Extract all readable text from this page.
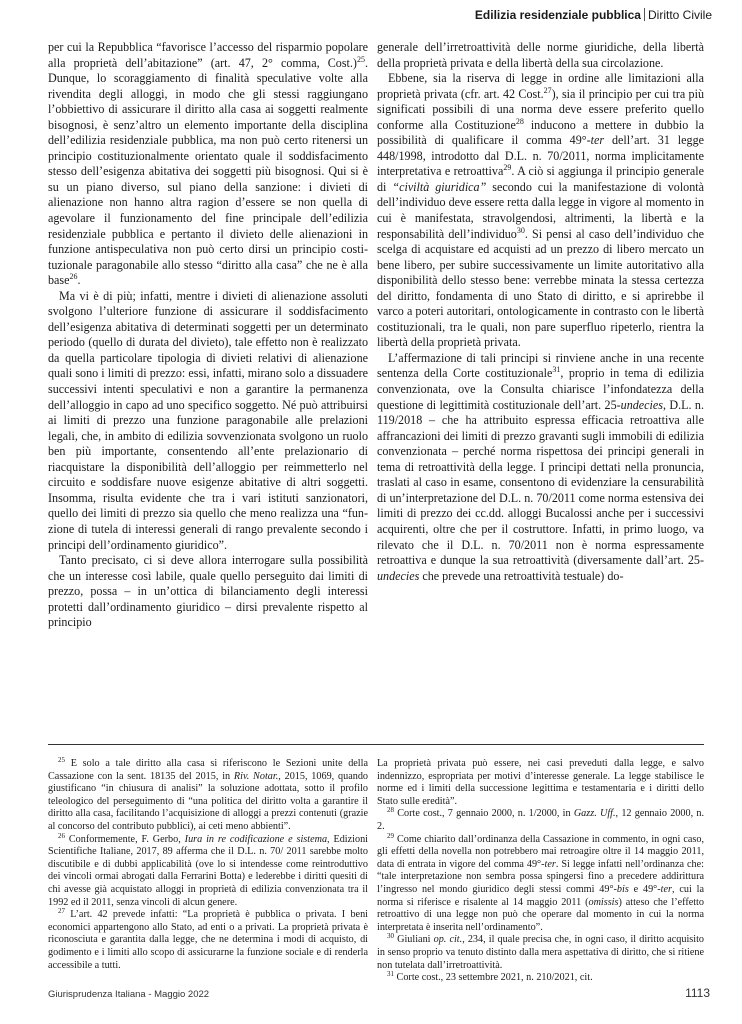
Edilizia residenziale pubblica Diritto Civile

per cui la Repubblica “favorisce l’accesso del risparmio popolare alla proprietà dell’abitazione” (art. 47, 2° comma, Cost.)$^{25}$. Dunque, lo scoraggiamento di finalità speculative volte alla rivendita degli alloggi, in modo che gli stessi raggiungano l’obbiettivo di assicurare il diritto alla casa ai soggetti realmente bisognosi, è senz’altro un elemento importante della disciplina dell’edilizia residenziale pubblica, ma non può certo ritenersi un principio costituzionalmente orientato quale il soddisfacimento stesso dell’esigenza abitativa dei soggetti più bisognosi. Qui si è su un piano diverso, sul piano della sanzione: i divieti di alienazione non hanno altra ragion d’essere se non quella di agevolare il funzionamento del fine principale dell’edilizia residenziale pubblica e pertanto il divieto delle alienazioni in funzione antispeculativa non può certo dirsi un principio costituzionale paragonabile allo stesso “diritto alla casa” che ne è alla base$^{26}$.

Ma vi è di più; infatti, mentre i divieti di alienazione assoluti svolgono l’ulteriore funzione di assicurare il soddisfacimento dell’esigenza abitativa di determinati soggetti per un determinato periodo (quello di durata del divieto), tale effetto non è realizzato da quella particolare tipologia di divieti relativi di alienazione quali sono i limiti di prezzo: essi, infatti, mirano solo a dissuadere successivi intenti speculativi e non a garantire la permanenza dell’alloggio in capo ad uno specifico soggetto. Né può attribuirsi ai limiti di prezzo una funzione paragonabile alle prelazioni legali, che, in ambito di edilizia sovvenzionata svolgono un ruolo ben più importante, consentendo all’ente prelazionario di riacquistare la disponibilità dell’alloggio per reimmetterlo nel circuito e soddisfare nuove esigenze abitative di altri soggetti. Insomma, risulta evidente che tra i vari istituti sanzionatori, quello dei limiti di prezzo sia quello che meno realizza una “funzione di tutela di interessi generali di rango prevalente secondo i principi dell’ordinamento giuridico”.

Tanto precisato, ci si deve allora interrogare sulla possibilità che un interesse così labile, quale quello perseguito dai limiti di prezzo, possa – in un’ottica di bilanciamento degli interessi protetti dall’ordinamento giuridico – dirsi prevalente rispetto al principio

generale dell’irretroattività delle norme giuridiche, della libertà della proprietà privata e della libertà della sua circolazione.

Ebbene, sia la riserva di legge in ordine alle limitazioni alla proprietà privata (cfr. art. 42 Cost.$^{27}$), sia il principio per cui tra più significati possibili di una norma deve essere preferito quello conforme alla Costituzione$^{28}$ inducono a mettere in dubbio la possibilità di qualificare il comma 49°-ter dell’art. 31 legge 448/1998, introdotto dal D.L. n. 70/2011, norma implicitamente interpretativa e retroattiva$^{29}$. A ciò si aggiunga il principio generale di “civiltà giuridica” secondo cui la manifestazione di volontà dell’individuo deve essere retta dalla legge in vigore al momento in cui è manifestata, stravolgendosi, altrimenti, la libertà e la responsabilità dell’individuo$^{30}$. Si pensi al caso dell’individuo che scelga di acquistare ed acquisti ad un prezzo di libero mercato un bene libero, per subire successivamente un limite autoritativo alla disponibilità dello stesso bene: verrebbe minata la stessa certezza del diritto, fondamenta di uno Stato di diritto, e si aprirebbe il varco a poteri autoritari, ontologicamente in contrasto con le libertà costituzionali, tra le quali, non pare superfluo ripeterlo, rientra la libertà della proprietà privata.

L’affermazione di tali principi si rinviene anche in una recente sentenza della Corte costituzionale$^{31}$, proprio in tema di edilizia convenzionata, ove la Consulta chiarisce l’infondatezza della questione di legittimità costituzionale dell’art. 25-undecies, D.L. n. 119/2018 – che ha attribuito espressa efficacia retroattiva alle affrancazioni dei limiti di prezzo gravanti sugli immobili di edilizia convenzionata – perché norma rispettosa dei principi generali in tema di retroattività della legge. I principi dettati nella pronuncia, traslati al caso in esame, consentono di evidenziare la censurabilità di un’interpretazione del D.L. n. 70/2011 come norma estensiva dei limiti di prezzo dei cc.dd. alloggi Bucalossi anche per i successivi acquirenti, oltre che per il costruttore. Infatti, in primo luogo, va rilevato che il D.L. n. 70/2011 non è norma espressamente retroattiva e dunque la sua retroattività (diversamente dall’art. 25-undecies che prevede una retroattività testuale) do-

$^{25}$ E solo a tale diritto alla casa si riferiscono le Sezioni unite della Cassazione con la sent. 18135 del 2015, in Riv. Notar., 2015, 1069, quando giustificano “in chiusura di analisi” la soluzione adottata, sotto il profilo teleologico del perseguimento di “una politica del diritto volta a garantire il diritto alla casa, facilitando l’acquisizione di alloggi a prezzi contenuti (grazie al concorso del contributo pubblici), ai ceti meno abbienti”.

$^{26}$ Conformemente, F. Gerbo, Iura in re codificazione e sistema, Edizioni Scientifiche Italiane, 2017, 89 afferma che il D.L. n. 70/ 2011 sarebbe molto discutibile e di dubbi applicabilità (ove lo si intendesse come reintroduttivo dei vincoli ormai abrogati dalla Ferrarini Botta) e lederebbe i diritti quesiti di chi avesse già acquistato alloggi in proprietà di edilizia convenzionata tra il 1992 ed il 2011, senza vincoli di alcun genere.

$^{27}$ L’art. 42 prevede infatti: “La proprietà è pubblica o privata. I beni economici appartengono allo Stato, ad enti o a privati. La proprietà privata è riconosciuta e garantita dalla legge, che ne determina i modi di acquisto, di godimento e i limiti allo scopo di assicurarne la funzione sociale e di renderla accessibile a tutti.

La proprietà privata può essere, nei casi preveduti dalla legge, e salvo indennizzo, espropriata per motivi d’interesse generale. La legge stabilisce le norme ed i limiti della successione legittima e testamentaria e i diritti dello Stato sulle eredità”.

$^{28}$ Corte cost., 7 gennaio 2000, n. 1/2000, in Gazz. Uff., 12 gennaio 2000, n. 2.

$^{29}$ Come chiarito dall’ordinanza della Cassazione in commento, in ogni caso, gli effetti della novella non potrebbero mai retroagire oltre il 14 maggio 2011, data di entrata in vigore del comma 49°-ter. Si legge infatti nell’ordinanza che: “tale interpretazione non sembra possa spingersi fino a precedere addirittura l’ingresso nel mondo giuridico degli stessi commi 49°-bis e 49°-ter, cui la norma si riferisce e risalente al 14 maggio 2011 (omissis) atteso che l’effetto retroattivo di una legge non può che operare dal momento in cui la norma interpretata è inserita nell’ordinamento”.

$^{30}$ Giuliani op. cit., 234, il quale precisa che, in ogni caso, il diritto acquisito in senso proprio va tenuto distinto dalla mera aspettativa di diritto, che si ritiene non tutelata dall’irretroattività.

$^{31}$ Corte cost., 23 settembre 2021, n. 210/2021, cit.

Giurisprudenza Italiana - Maggio 2022	1113
